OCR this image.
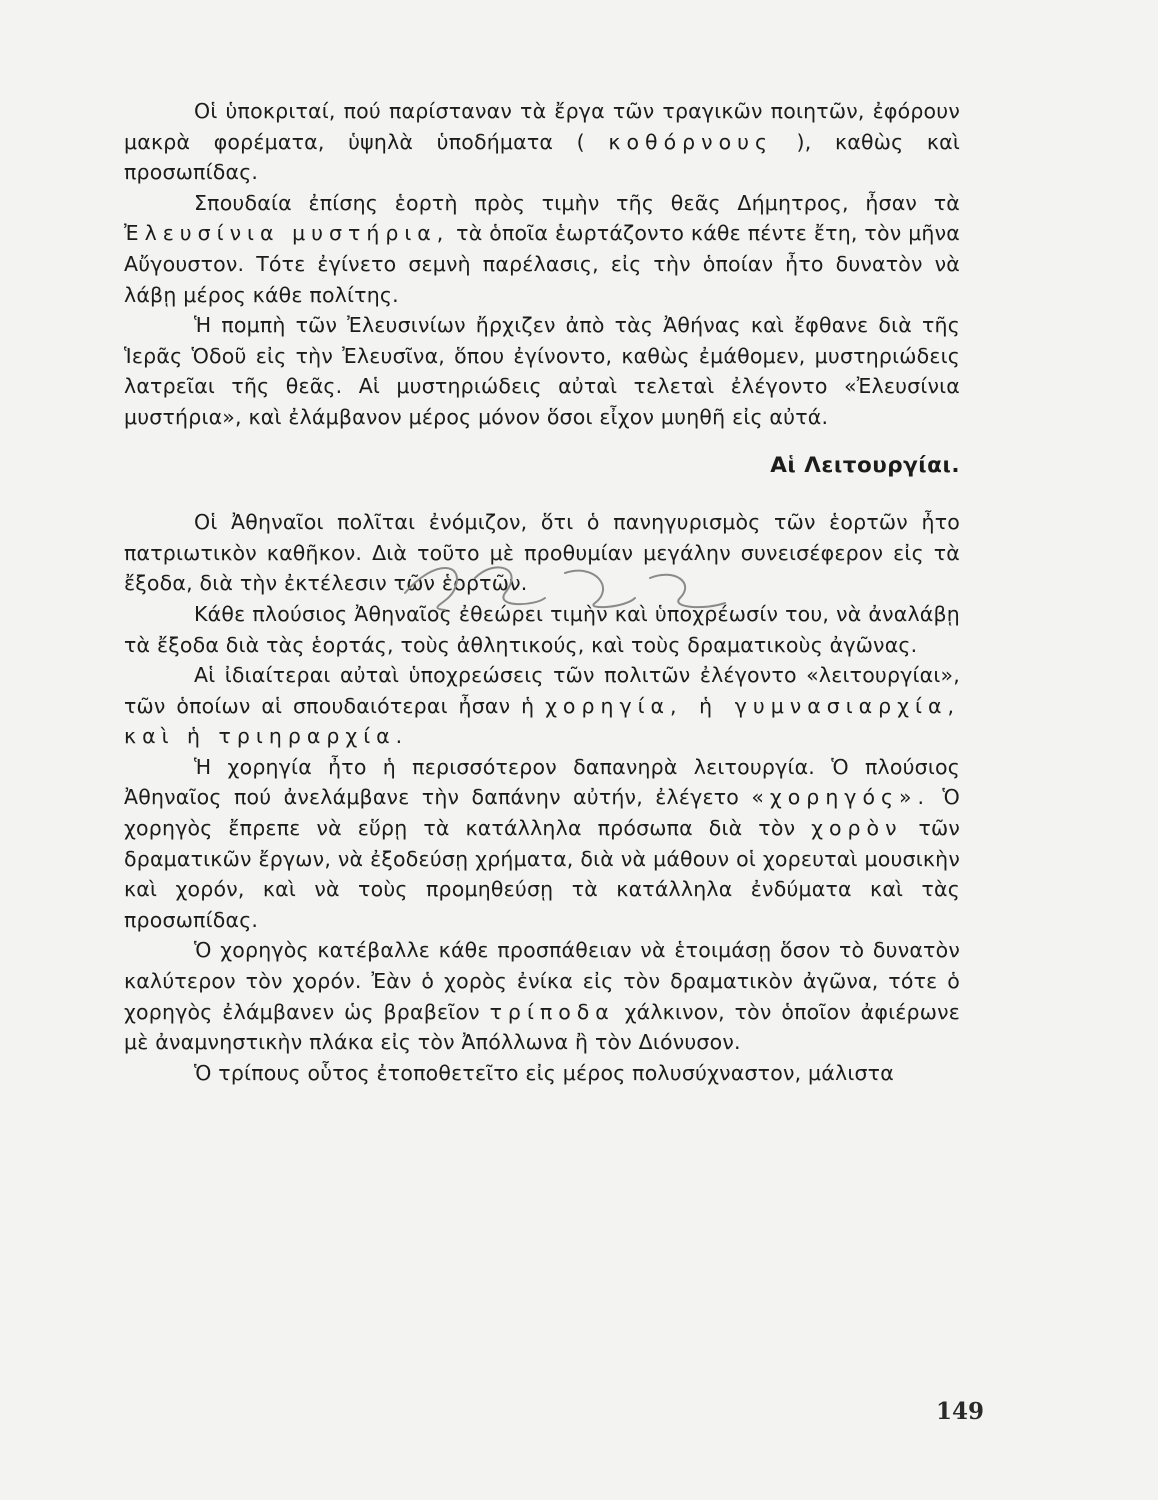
Οἱ ὑποκριταί, πού παρίσταναν τὰ ἔργα τῶν τραγικῶν ποιητῶν, ἐφόρουν μακρὰ φορέματα, ὑψηλὰ ὑποδήματα ( κοθόρνους ), καθὼς καὶ προσωπίδας.

Σπουδαία ἐπίσης ἑορτὴ πρὸς τιμὴν τῆς θεᾶς Δήμητρος, ἦσαν τὰ Ἐλευσίνια μυστήρια, τὰ ὁποῖα ἑωρτάζοντο κάθε πέντε ἔτη, τὸν μῆνα Αὔγουστον. Τότε ἐγίνετο σεμνὴ παρέλασις, εἰς τὴν ὁποίαν ἦτο δυνατὸν νὰ λάβῃ μέρος κάθε πολίτης.

Ἡ πομπὴ τῶν Ἐλευσινίων ἤρχιζεν ἀπὸ τὰς Ἀθήνας καὶ ἔφθανε διὰ τῆς Ἱερᾶς Ὁδοῦ εἰς τὴν Ἐλευσῖνα, ὅπου ἐγίνοντο, καθὼς ἐμάθομεν, μυστηριώδεις λατρεῖαι τῆς θεᾶς. Αἱ μυστηριώδεις αὐταὶ τελεταὶ ἐλέγοντο «Ἐλευσίνια μυστήρια», καὶ ἐλάμβανον μέρος μόνον ὅσοι εἶχον μυηθῆ εἰς αὐτά.

Αἱ Λειτουργίαι.

Οἱ Ἀθηναῖοι πολῖται ἐνόμιζον, ὅτι ὁ πανηγυρισμὸς τῶν ἑορτῶν ἦτο πατριωτικὸν καθῆκον. Διὰ τοῦτο μὲ προθυμίαν μεγάλην συνεισέφερον εἰς τὰ ἔξοδα, διὰ τὴν ἐκτέλεσιν τῶν ἑορτῶν.

Κάθε πλούσιος Ἀθηναῖος ἐθεώρει τιμὴν καὶ ὑποχρέωσίν του, νὰ ἀναλάβῃ τὰ ἔξοδα διὰ τὰς ἑορτάς, τοὺς ἀθλητικούς, καὶ τοὺς δραματικοὺς ἀγῶνας.

Αἱ ἰδιαίτεραι αὐταὶ ὑποχρεώσεις τῶν πολιτῶν ἐλέγοντο «λειτουργίαι», τῶν ὁποίων αἱ σπουδαιότεραι ἦσαν ἡ χορηγία, ἡ γυμνασιαρχία, καὶ ἡ τριηραρχία.

Ἡ χορηγία ἦτο ἡ περισσότερον δαπανηρὰ λειτουργία. Ὁ πλούσιος Ἀθηναῖος πού ἀνελάμβανε τὴν δαπάνην αὐτήν, ἐλέγετο «χορηγός». Ὁ χορηγὸς ἔπρεπε νὰ εὕρῃ τὰ κατάλληλα πρόσωπα διὰ τὸν χορὸν τῶν δραματικῶν ἔργων, νὰ ἐξοδεύσῃ χρήματα, διὰ νὰ μάθουν οἱ χορευταὶ μουσικὴν καὶ χορόν, καὶ νὰ τοὺς προμηθεύσῃ τὰ κατάλληλα ἐνδύματα καὶ τὰς προσωπίδας.

Ὁ χορηγὸς κατέβαλλε κάθε προσπάθειαν νὰ ἑτοιμάσῃ ὅσον τὸ δυνατὸν καλύτερον τὸν χορόν. Ἐὰν ὁ χορὸς ἐνίκα εἰς τὸν δραματικὸν ἀγῶνα, τότε ὁ χορηγὸς ἐλάμβανεν ὡς βραβεῖον τρίποδα χάλκινον, τὸν ὁποῖον ἀφιέρωνε μὲ ἀναμνηστικὴν πλάκα εἰς τὸν Ἀπόλλωνα ἢ τὸν Διόνυσον.

Ὁ τρίπους οὗτος ἐτοποθετεῖτο εἰς μέρος πολυσύχναστον, μάλιστα

149
